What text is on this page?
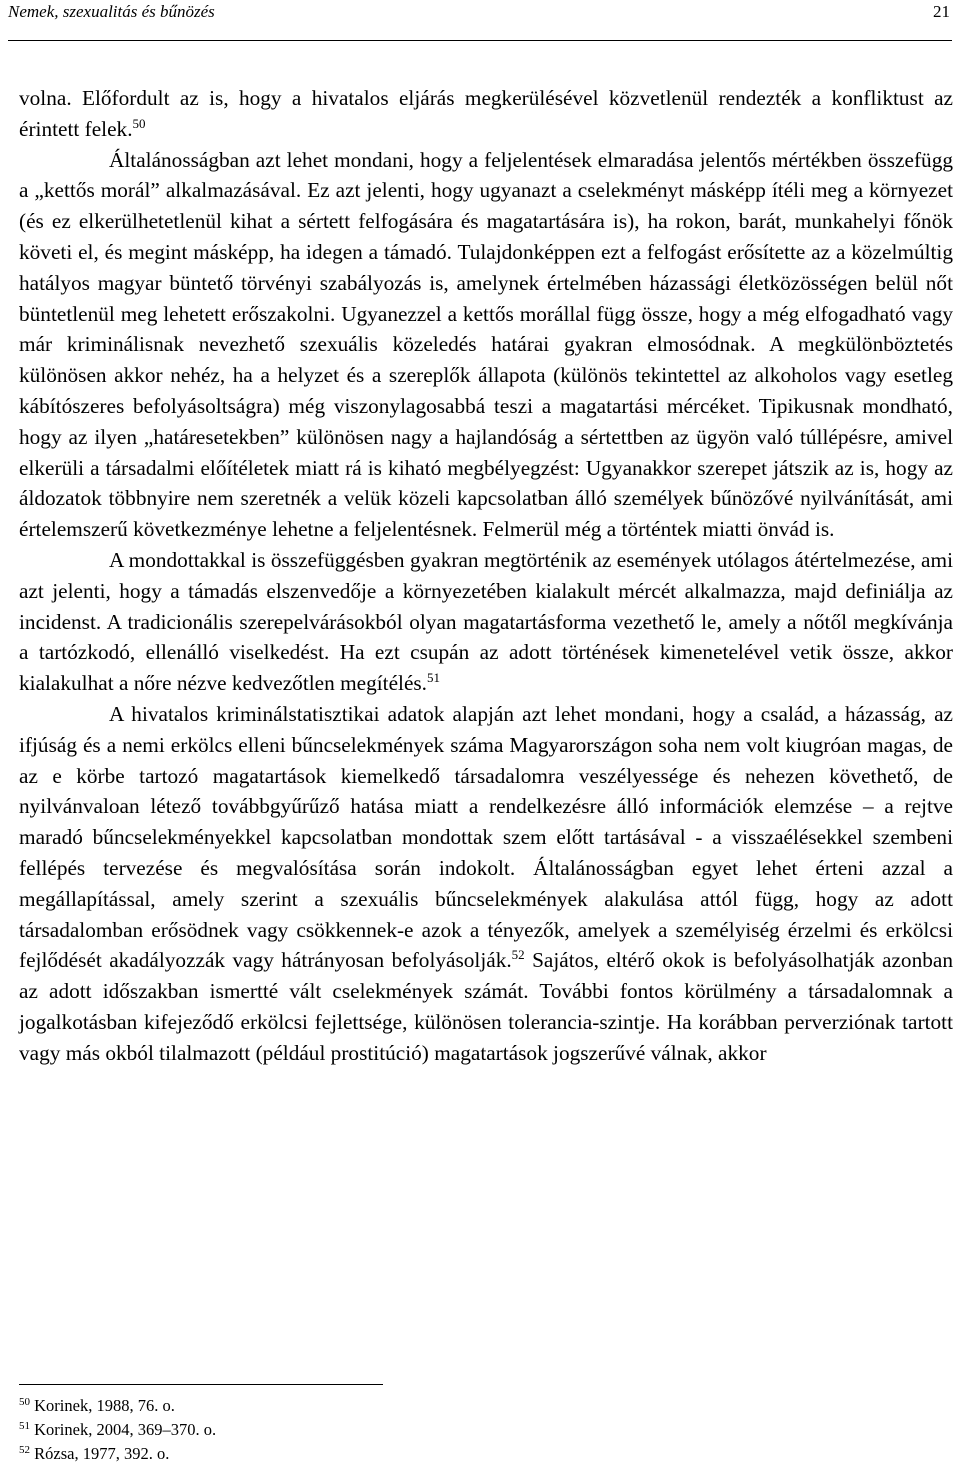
Nemek, szexualitás és bűnözés	21

volna. Előfordult az is, hogy a hivatalos eljárás megkerülésével közvetlenül rendezték a konfliktust az érintett felek.$^{50}$

Általánosságban azt lehet mondani, hogy a feljelentések elmaradása jelentős mértékben összefügg a „kettős morál” alkalmazásával. Ez azt jelenti, hogy ugyanazt a cselekményt másképp ítéli meg a környezet (és ez elkerülhetetlenül kihat a sértett felfogására és magatartására is), ha rokon, barát, munkahelyi főnök követi el, és megint másképp, ha idegen a támadó. Tulajdonképpen ezt a felfogást erősítette az a közelmúltig hatályos magyar büntető törvényi szabályozás is, amelynek értelmében házassági életközösségen belül nőt büntetlenül meg lehetett erőszakolni. Ugyanezzel a kettős morállal függ össze, hogy a még elfogadható vagy már kriminálisnak nevezhető szexuális közeledés határai gyakran elmosódnak. A megkülönböztetés különösen akkor nehéz, ha a helyzet és a szereplők állapota (különös tekintettel az alkoholos vagy esetleg kábítószeres befolyásoltságra) még viszonylagosabbá teszi a magatartási mércéket. Tipikusnak mondható, hogy az ilyen „határesetekben” különösen nagy a hajlandóság a sértettben az ügyön való túllépésre, amivel elkerüli a társadalmi előítéletek miatt rá is kiható megbélyegzést: Ugyanakkor szerepet játszik az is, hogy az áldozatok többnyire nem szeretnék a velük közeli kapcsolatban álló személyek bűnözővé nyilvánítását, ami értelemszerű következménye lehetne a feljelentésnek. Felmerül még a történtek miatti önvád is.

A mondottakkal is összefüggésben gyakran megtörténik az események utólagos átértelmezése, ami azt jelenti, hogy a támadás elszenvedője a környezetében kialakult mércét alkalmazza, majd definiálja az incidenst. A tradicionális szerepelvárásokból olyan magatartásforma vezethető le, amely a nőtől megkívánja a tartózkodó, ellenálló viselkedést. Ha ezt csupán az adott történések kimenetelével vetik össze, akkor kialakulhat a nőre nézve kedvezőtlen megítélés.$^{51}$

A hivatalos kriminálstatisztikai adatok alapján azt lehet mondani, hogy a család, a házasság, az ifjúság és a nemi erkölcs elleni bűncselekmények száma Magyarországon soha nem volt kiugróan magas, de az e körbe tartozó magatartások kiemelkedő társadalomra veszélyessége és nehezen követhető, de nyilvánvaloan létező továbbgyűrűző hatása miatt a rendelkezésre álló információk elemzése – a rejtve maradó bűncselekményekkel kapcsolatban mondottak szem előtt tartásával - a visszaélésekkel szembeni fellépés tervezése és megvalósítása során indokolt. Általánosságban egyet lehet érteni azzal a megállapítással, amely szerint a szexuális bűncselekmények alakulása attól függ, hogy az adott társadalomban erősödnek vagy csökkennek-e azok a tényezők, amelyek a személyiség érzelmi és erkölcsi fejlődését akadályozzák vagy hátrányosan befolyásolják.$^{52}$ Sajátos, eltérő okok is befolyásolhatják azonban az adott időszakban ismertté vált cselekmények számát. További fontos körülmény a társadalomnak a jogalkotásban kifejeződő erkölcsi fejlettsége, különösen tolerancia-szintje. Ha korábban perverziónak tartott vagy más okból tilalmazott (például prostitúció) magatartások jogszerűvé válnak, akkor

$^{50}$ Korinek, 1988, 76. o.

$^{51}$ Korinek, 2004, 369–370. o.

$^{52}$ Rózsa, 1977, 392. o.
